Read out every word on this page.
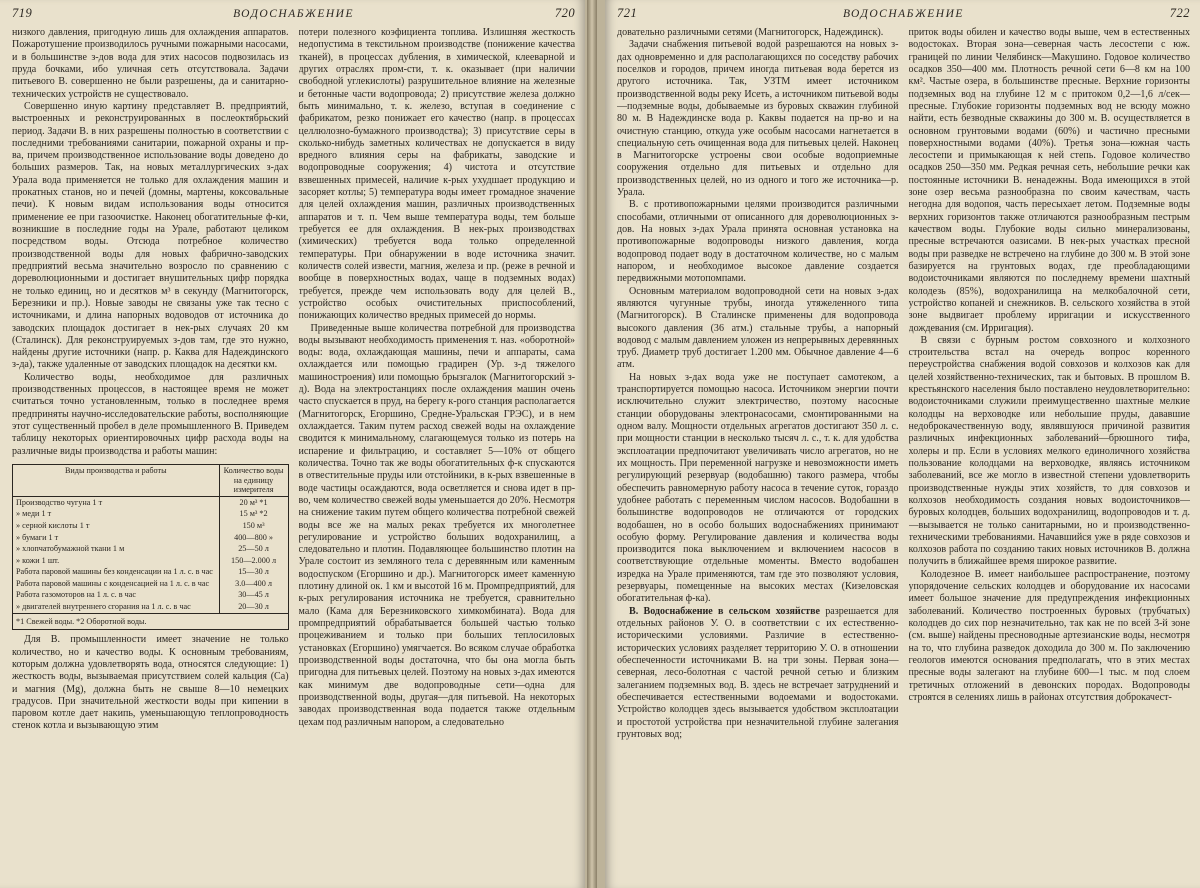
719	ВОДОСНАБЖЕНИЕ	720

низкого давления, пригодную лишь для охлаждения аппаратов. Пожаротушение производилось ручными пожарными насосами, и в большинстве з-дов вода для этих насосов подвозилась из пруда бочками, ибо уличная сеть отсутствовала. Задачи питьевого В. совершенно не были разрешены, да и санитарно-технических устройств не существовало.

Совершенно иную картину представляет В. предприятий, выстроенных и реконструированных в послеоктябрьский период. Задачи В. в них разрешены полностью в соответствии с последними требованиями санитарии, пожарной охраны и пр-ва, причем производственное использование воды доведено до больших размеров. Так, на новых металлургических з-дах Урала вода применяется не только для охлаждения машин и прокатных станов, но и печей (домны, мартены, коксовальные печи). К новым видам использования воды относится применение ее при газоочистке. Наконец обогатительные ф-ки, возникшие в последние годы на Урале, работают целиком посредством воды. Отсюда потребное количество производственной воды для новых фабрично-заводских предприятий весьма значительно возросло по сравнению с дореволюционными и достигает внушительных цифр порядка не только единиц, но и десятков м³ в секунду (Магнитогорск, Березники и пр.). Новые заводы не связаны уже так тесно с источниками, и длина напорных водоводов от источника до заводских площадок достигает в нек-рых случаях 20 км (Сталинск). Для реконструируемых з-дов там, где это нужно, найдены другие источники (напр. р. Каква для Надеждинского з-да), также удаленные от заводских площадок на десятки км.

Количество воды, необходимое для различных производственных процессов, в настоящее время не может считаться точно установленным, только в последнее время предприняты научно-исследовательские работы, восполняющие этот существенный пробел в деле промышленного В. Приведем таблицу некоторых ориентировочных цифр расхода воды на различные виды производства и работы машин:

Виды производства и работы	Количество воды на единицу измерителя
Производство чугуна 1 т	20 м³ *1
» меди 1 т	15 м³ *2
» серной кислоты 1 т	150 м³
» бумаги 1 т	400—800 »
» хлопчатобумажной ткани 1 м	25—50 л
» кожи 1 шт.	150—2.000 л
Работа паровой машины без конденсации на 1 л. с. в час	15—30 л
Работа паровой машины с конденсацией на 1 л. с. в час	3.0—400 л
Работа газомоторов на 1 л. с. в час	30—45 л
» двигателей внутреннего сгорания на 1 л. с. в час	20—30 л
*1 Свежей воды. *2 Оборотной воды.	

Для В. промышленности имеет значение не только количество, но и качество воды. К основным требованиям, которым должна удовлетворять вода, относятся следующие: 1) жесткость воды, вызываемая присутствием солей кальция (Ca) и магния (Mg), должна быть не свыше 8—10 немецких градусов. При значительной жесткости воды при кипении в паровом котле дает накипь, уменьшающую теплопроводность стенок котла и вызывающую этим

потери полезного коэфициента топлива. Излишняя жесткость недопустима в текстильном производстве (понижение качества тканей), в процессах дубления, в химической, клееварной и других отраслях пром-сти, т. к. оказывает (при наличии свободной углекислоты) разрушительное влияние на железные и бетонные части водопровода; 2) присутствие железа должно быть минимально, т. к. железо, вступая в соединение с фабрикатом, резко понижает его качество (напр. в процессах целлюлозно-бумажного производства); 3) присутствие серы в сколько-нибудь заметных количествах не допускается в виду вредного влияния серы на фабрикаты, заводские и водопроводные сооружения; 4) чистота и отсутствие взвешенных примесей, наличие к-рых ухудшает продукцию и засоряет котлы; 5) температура воды имеет громадное значение для целей охлаждения машин, различных производственных аппаратов и т. п. Чем выше температура воды, тем больше требуется ее для охлаждения. В нек-рых производствах (химических) требуется вода только определенной температуры. При обнаружении в воде источника значит. количеств солей извести, магния, железа и пр. (реже в речной и вообще в поверхностных водах, чаще в подземных водах) требуется, прежде чем использовать воду для целей В., устройство особых очистительных приспособлений, понижающих количество вредных примесей до нормы.

Приведенные выше количества потребной для производства воды вызывают необходимость применения т. наз. «оборотной» воды: вода, охлаждающая машины, печи и аппараты, сама охлаждается или помощью градирен (Ур. з-д тяжелого машиностроения) или помощью брызгалок (Магнитогорский з-д). Вода на электростанциях после охлаждения машин очень часто спускается в пруд, на берегу к-рого станция располагается (Магнитогорск, Егоршино, Средне-Уральская ГРЭС), и в нем охлаждается. Таким путем расход свежей воды на охлаждение сводится к минимальному, слагающемуся только из потерь на испарение и фильтрацию, и составляет 5—10% от общего количества. Точно так же воды обогатительных ф-к спускаются в отвестительные пруды или отстойники, в к-рых взвешенные в воде частицы осаждаются, вода осветляется и снова идет в пр-во, чем количество свежей воды уменьшается до 20%. Несмотря на снижение таким путем общего количества потребной свежей воды все же на малых реках требуется их многолетнее регулирование и устройство больших водохранилищ, а следовательно и плотин. Подавляющее большинство плотин на Урале состоит из земляного тела с деревянным или каменным водоспуском (Егоршино и др.). Магнитогорск имеет каменную плотину длиной ок. 1 км и высотой 16 м. Промпредприятий, для к-рых регулирования источника не требуется, сравнительно мало (Кама для Березниковского химкомбината). Вода для промпредприятий обрабатывается большей частью только процеживанием и только при больших теплосиловых установках (Егоршино) умягчается. Во всяком случае обработка производственной воды достаточна, что бы она могла быть пригодна для питьевых целей. Поэтому на новых з-дах имеются как минимум две водопроводные сети—одна для производственной воды, другая—для питьевой. На некоторых заводах производственная вода подается также отдельным цехам под различным напором, а следовательно

721	ВОДОСНАБЖЕНИЕ	722

довательно различными сетями (Магнитогорск, Надеждинск).

Задачи снабжения питьевой водой разрешаются на новых з-дах одновременно и для располагающихся по соседству рабочих поселков и городов, причем иногда питьевая вода берется из другого источника. Так, УЗТМ имеет источником производственной воды реку Исеть, а источником питьевой воды—подземные воды, добываемые из буровых скважин глубиной 80 м. В Надеждинске вода р. Каквы подается на пр-во и на очистную станцию, откуда уже особым насосами нагнетается в специальную сеть очищенная вода для питьевых целей. Наконец в Магнитогорске устроены свои особые водоприемные сооружения отдельно для питьевых и отдельно для производственных целей, но из одного и того же источника—р. Урала.

В. с противопожарными целями производится различными способами, отличными от описанного для дореволюционных з-дов. На новых з-дах Урала принята основная установка на противопожарные водопроводы низкого давления, когда водопровод подает воду в достаточном количестве, но с малым напором, и необходимое высокое давление создается передвижными мотопомпами.

Основным материалом водопроводной сети на новых з-дах являются чугунные трубы, иногда утяжеленного типа (Магнитогорск). В Сталинске применены для водопровода высокого давления (36 атм.) стальные трубы, а напорный водовод с малым давлением уложен из непрерывных деревянных труб. Диаметр труб достигает 1.200 мм. Обычное давление 4—6 атм.

На новых з-дах вода уже не поступает самотеком, а транспортируется помощью насоса. Источником энергии почти исключительно служит электричество, поэтому насосные станции оборудованы электронасосами, смонтированными на одном валу. Мощности отдельных агрегатов достигают 350 л. с. при мощности станции в несколько тысяч л. с., т. к. для удобства эксплоатации предпочитают увеличивать число агрегатов, но не их мощность. При переменной нагрузке и невозможности иметь регулирующий резервуар (водобашню) такого размера, чтобы обеспечить равномерную работу насоса в течение суток, гораздо удобнее работать с переменным числом насосов. Водобашни в большинстве водопроводов не отличаются от городских водобашен, но в особо больших водоснабжениях принимают особую форму. Регулирование давления и количества воды производится пока выключением и включением насосов в соответствующие отдельные моменты. Вместо водобашен изредка на Урале применяются, там где это позволяют условия, резервуары, помещенные на высоких местах (Кизеловская обогатительная ф-ка).

В. Водоснабжение в сельском хозяйстве разрешается для отдельных районов У. О. в соответствии с их естественно-историческими условиями. Различие в естественно-исторических условиях разделяет территорию У. О. в отношении обеспеченности источниками В. на три зоны. Первая зона—северная, лесо-болотная с частой речной сетью и близким залеганием подземных вод. В. здесь не встречает затруднений и обеспечивается естественными водоемами и водостоками. Устройство колодцев здесь вызывается удобством эксплоатации и простотой устройства при незначительной глубине залегания грунтовых вод;

приток воды обилен и качество воды выше, чем в естественных водостоках. Вторая зона—северная часть лесостепи с юж. границей по линии Челябинск—Макушино. Годовое количество осадков 350—400 мм. Плотность речной сети 6—8 км на 100 км². Частые озера, в большинстве пресные. Верхние горизонты подземных вод на глубине 12 м с притоком 0,2—1,6 л/сек—пресные. Глубокие горизонты подземных вод не всюду можно найти, есть безводные скважины до 300 м. В. осуществляется в основном грунтовыми водами (60%) и частично пресными поверхностными водами (40%). Третья зона—южная часть лесостепи и примыкающая к ней степь. Годовое количество осадков 250—350 мм. Редкая речная сеть, небольшие речки как постоянные источники В. ненадежны. Вода имеющихся в этой зоне озер весьма разнообразна по своим качествам, часть негодна для водопоя, часть пересыхает летом. Подземные воды верхних горизонтов также отличаются разнообразным пестрым качеством воды. Глубокие воды сильно минерализованы, пресные встречаются оазисами. В нек-рых участках пресной воды при разведке не встречено на глубине до 300 м. В этой зоне базируется на грунтовых водах, где преобладающими водоисточниками являются по последнему времени шахтный колодезь (85%), водохранилища на мелкобалочной сети, устройство копаней и снежников. В. сельского хозяйства в этой зоне выдвигает проблему ирригации и искусственного дождевания (см. Ирригация).

В связи с бурным ростом совхозного и колхозного строительства встал на очередь вопрос коренного переустройства снабжения водой совхозов и колхозов как для целей хозяйственно-технических, так и бытовых. В прошлом В. крестьянского населения было поставлено неудовлетворительно: водоисточниками служили преимущественно шахтные мелкие колодцы на верховодке или небольшие пруды, дававшие недоброкачественную воду, являвшуюся причиной развития различных инфекционных заболеваний—брюшного тифа, холеры и пр. Если в условиях мелкого единоличного хозяйства пользование колодцами на верховодке, являясь источником заболеваний, все же могло в известной степени удовлетворить производственные нужды этих хозяйств, то для совхозов и колхозов необходимость создания новых водоисточников—буровых колодцев, больших водохранилищ, водопроводов и т. д.—вызывается не только санитарными, но и производственно-техническими требованиями. Начавшийся уже в ряде совхозов и колхозов работа по созданию таких новых источников В. должна получить в ближайшее время широкое развитие.

Колодезное В. имеет наибольшее распространение, поэтому упорядочение сельских колодцев и оборудование их насосами имеет большое значение для предупреждения инфекционных заболеваний. Количество построенных буровых (трубчатых) колодцев до сих пор незначительно, так как не по всей 3-й зоне (см. выше) найдены пресноводные артезианские воды, несмотря на то, что глубина разведок доходила до 300 м. По заключению геологов имеются основания предполагать, что в этих местах пресные воды залегают на глубине 600—1 тыс. м под слоем третичных отложений в девонских породах. Водопроводы строятся в селениях лишь в районах отсутствия доброкачест-
